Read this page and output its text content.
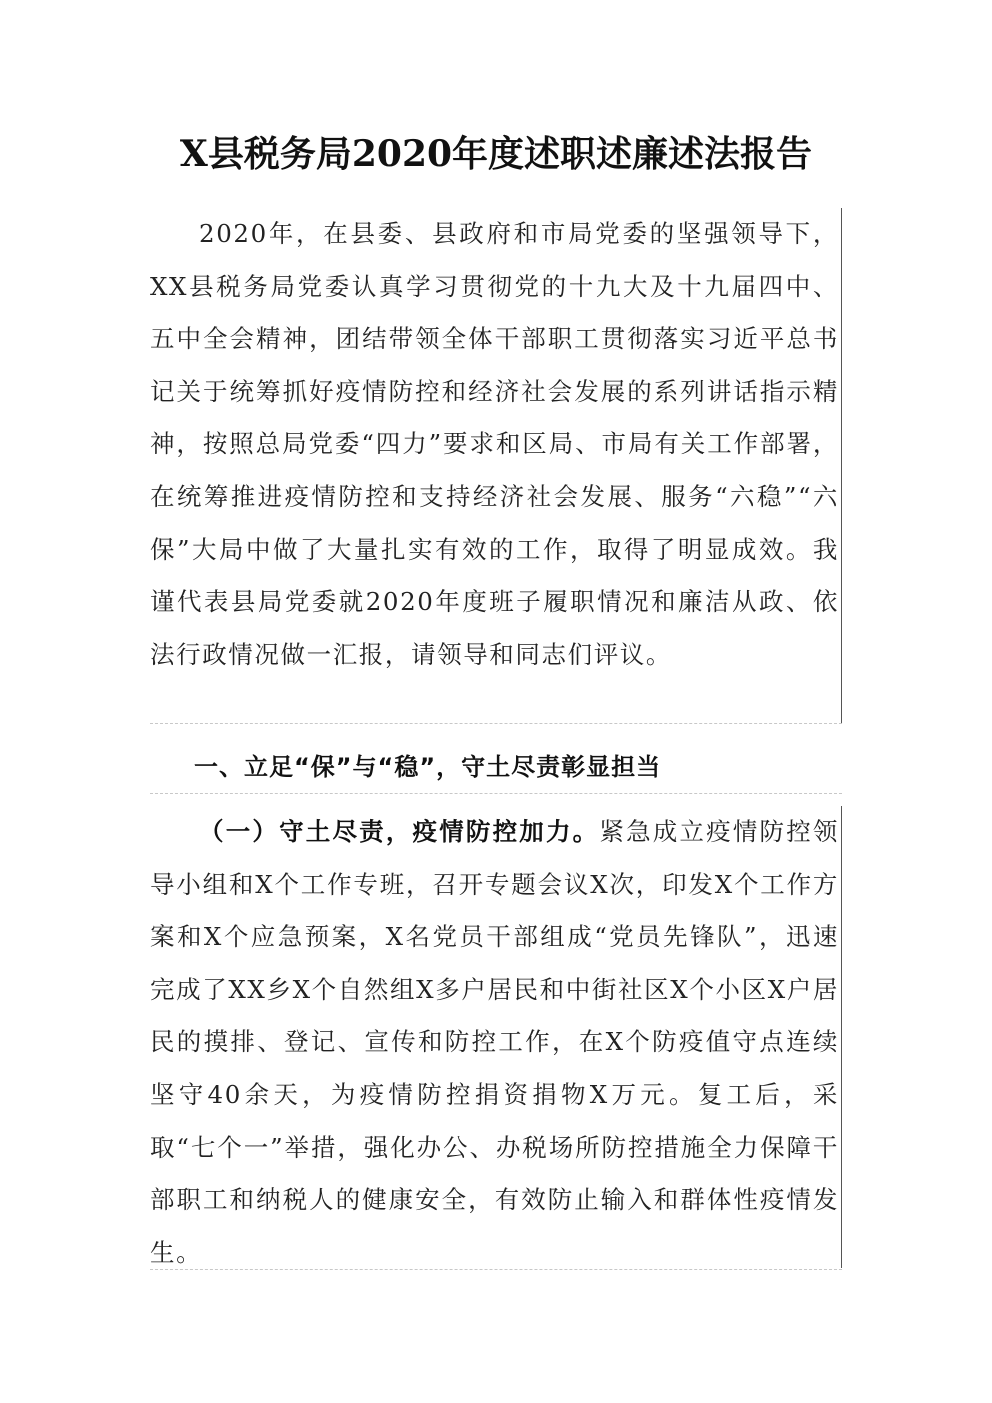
X县税务局2020年度述职述廉述法报告

2020年，在县委、县政府和市局党委的坚强领导下，XX县税务局党委认真学习贯彻党的十九大及十九届四中、五中全会精神，团结带领全体干部职工贯彻落实习近平总书记关于统筹抓好疫情防控和经济社会发展的系列讲话指示精神，按照总局党委“四力”要求和区局、市局有关工作部署，在统筹推进疫情防控和支持经济社会发展、服务“六稳”“六保”大局中做了大量扎实有效的工作，取得了明显成效。我谨代表县局党委就2020年度班子履职情况和廉洁从政、依法行政情况做一汇报，请领导和同志们评议。

一、立足“保”与“稳”，守土尽责彰显担当

（一）守土尽责，疫情防控加力。紧急成立疫情防控领导小组和X个工作专班，召开专题会议X次，印发X个工作方案和X个应急预案，X名党员干部组成“党员先锋队”，迅速完成了XX乡X个自然组X多户居民和中街社区X个小区X户居民的摸排、登记、宣传和防控工作，在X个防疫值守点连续坚守40余天，为疫情防控捐资捐物X万元。复工后，采取“七个一”举措，强化办公、办税场所防控措施全力保障干部职工和纳税人的健康安全，有效防止输入和群体性疫情发生。
